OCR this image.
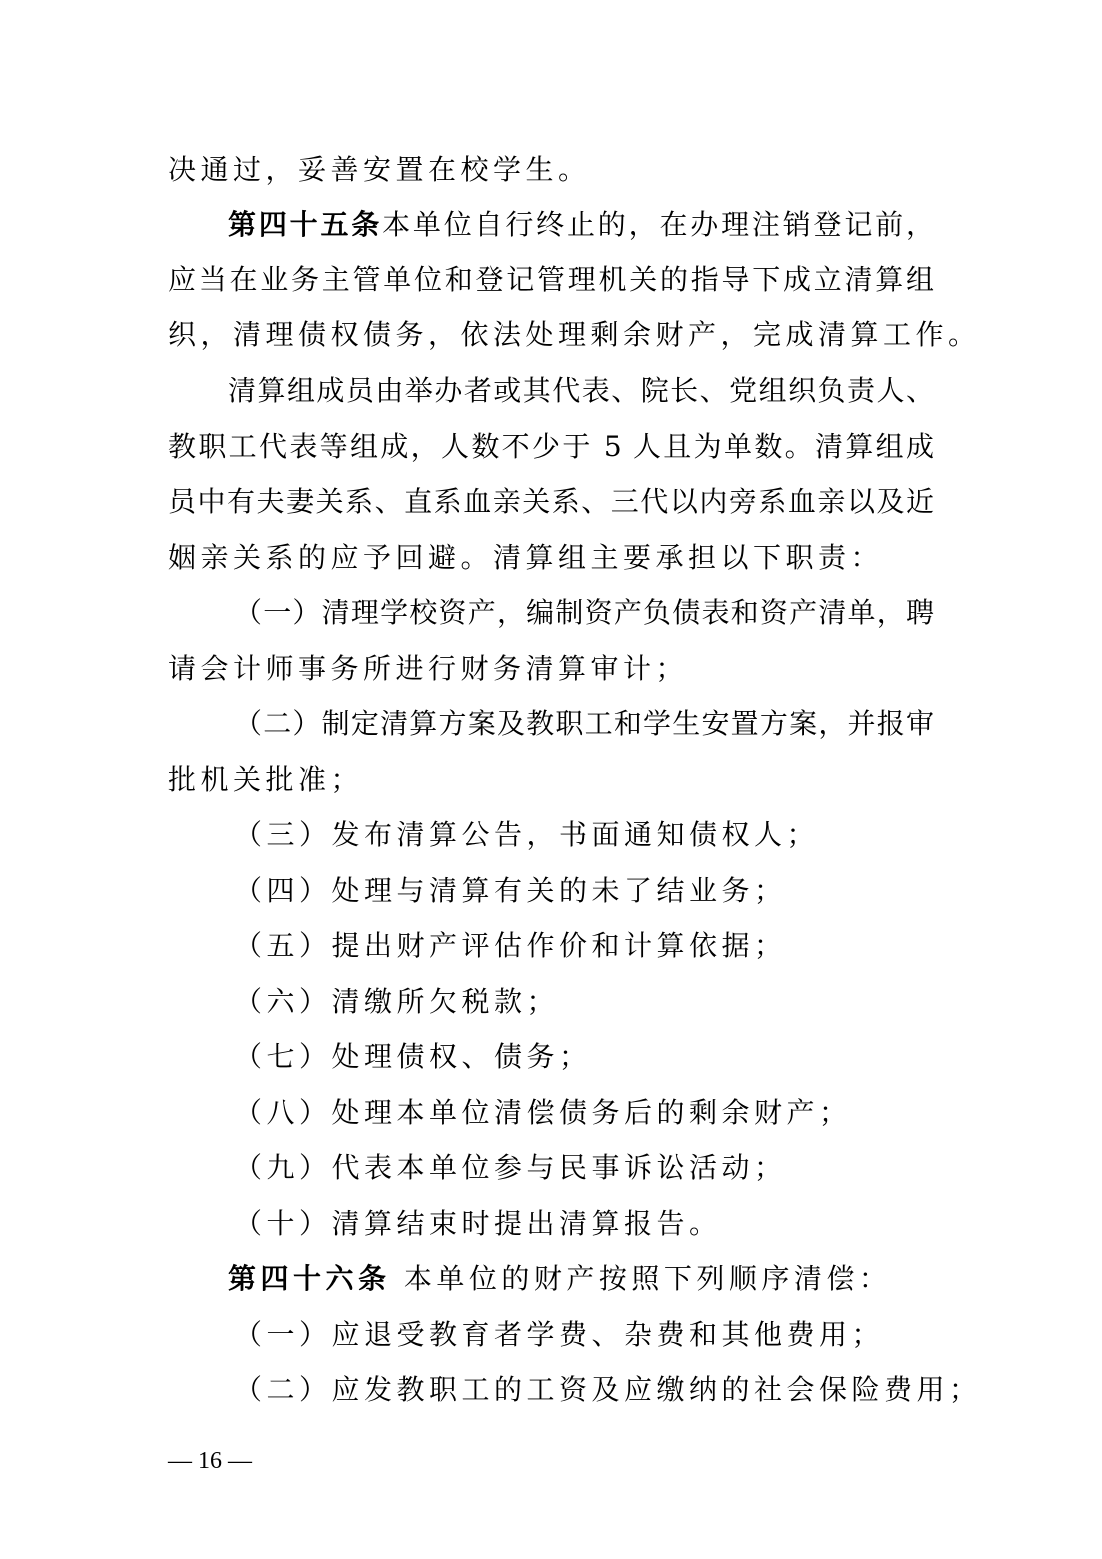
决通过，妥善安置在校学生。
第四十五条本单位自行终止的，在办理注销登记前，
应当在业务主管单位和登记管理机关的指导下成立清算组
织，清理债权债务，依法处理剩余财产，完成清算工作。
清算组成员由举办者或其代表、院长、党组织负责人、
教职工代表等组成，人数不少于 5 人且为单数。清算组成
员中有夫妻关系、直系血亲关系、三代以内旁系血亲以及近
姻亲关系的应予回避。清算组主要承担以下职责：
（一）清理学校资产，编制资产负债表和资产清单，聘
请会计师事务所进行财务清算审计；
（二）制定清算方案及教职工和学生安置方案，并报审
批机关批准；
（三）发布清算公告，书面通知债权人；
（四）处理与清算有关的未了结业务；
（五）提出财产评估作价和计算依据；
（六）清缴所欠税款；
（七）处理债权、债务；
（八）处理本单位清偿债务后的剩余财产；
（九）代表本单位参与民事诉讼活动；
（十）清算结束时提出清算报告。
第四十六条 本单位的财产按照下列顺序清偿：
（一）应退受教育者学费、杂费和其他费用；
（二）应发教职工的工资及应缴纳的社会保险费用；
— 16 —
